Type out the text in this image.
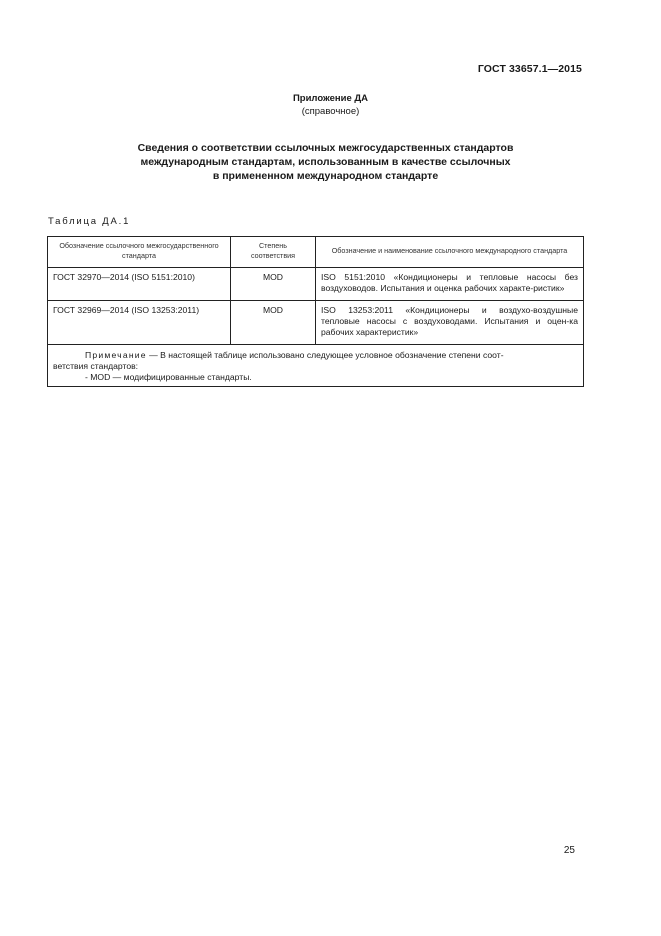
ГОСТ 33657.1—2015
Приложение ДА
(справочное)
Сведения о соответствии ссылочных межгосударственных стандартов
международным стандартам, использованным в качестве ссылочных
в примененном международном стандарте
Таблица ДА.1
Обозначение ссылочного межгосударственного стандарта	Степень соответствия	Обозначение и наименование ссылочного международного стандарта
ГОСТ 32970—2014 (ISO 5151:2010)	MOD	ISO 5151:2010 «Кондиционеры и тепловые насосы без воздуховодов. Испытания и оценка рабочих характе-ристик»
ГОСТ 32969—2014 (ISO 13253:2011)	MOD	ISO 13253:2011 «Кондиционеры и воздухо-воздушные тепловые насосы с воздуховодами. Испытания и оцен-ка рабочих характеристик»

Примечание — В настоящей таблице использовано следующее условное обозначение степени соот-
ветствия стандартов:
- MOD — модифицированные стандарты.		
25
